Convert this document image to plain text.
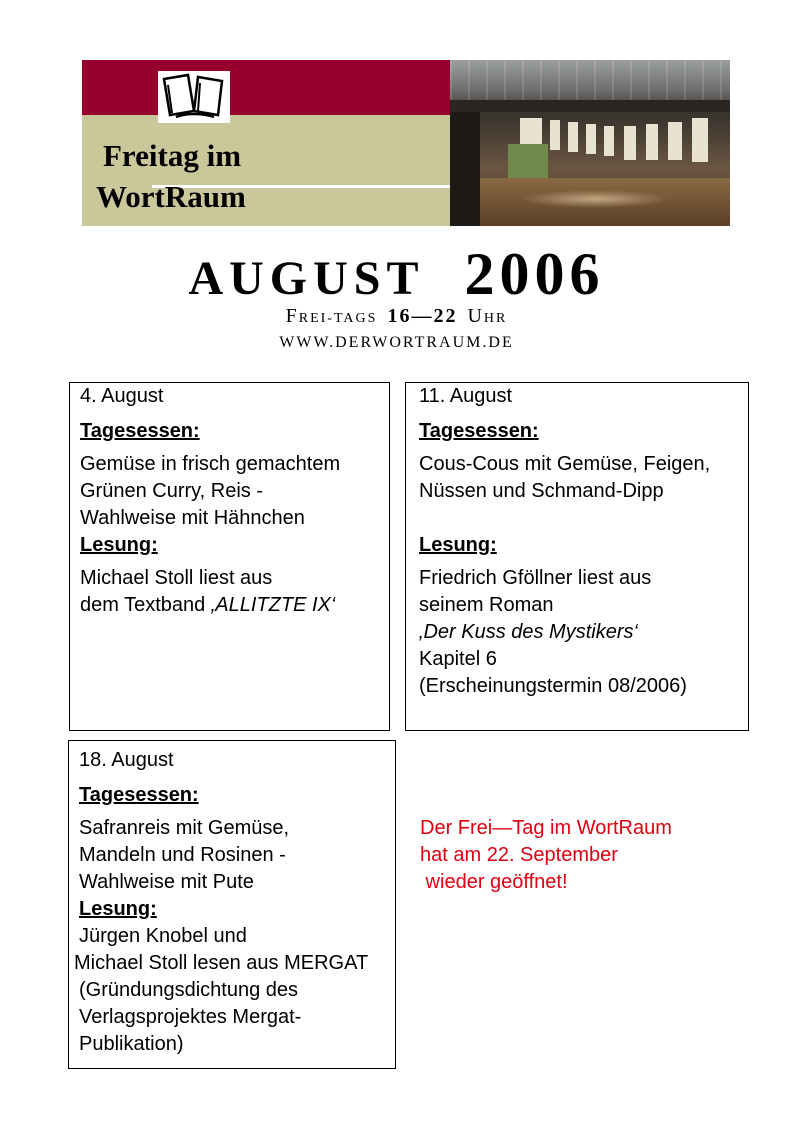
Freitag im
WortRaum
AUGUST 2006
FREI-TAGS 16—22 UHR
WWW.DERWORTRAUM.DE

4. August

Tagesessen:

Gemüse in frisch gemachtem

Grünen Curry, Reis -

Wahlweise mit Hähnchen

Lesung:

Michael Stoll liest aus

dem Textband ‚ALLITZTE IX‘

11. August

Tagesessen:

Cous-Cous mit Gemüse, Feigen,

Nüssen und Schmand-Dipp

Lesung:

Friedrich Gföllner liest aus

seinem Roman

‚Der Kuss des Mystikers‘

Kapitel 6

(Erscheinungstermin 08/2006)

18. August

Tagesessen:

Safranreis mit Gemüse,

Mandeln und Rosinen -

Wahlweise mit Pute

Lesung:

Jürgen Knobel und

Michael Stoll lesen aus MERGAT

(Gründungsdichtung des

Verlagsprojektes Mergat-

Publikation)

Der Frei—Tag im WortRaum

hat am 22. September

wieder geöffnet!
